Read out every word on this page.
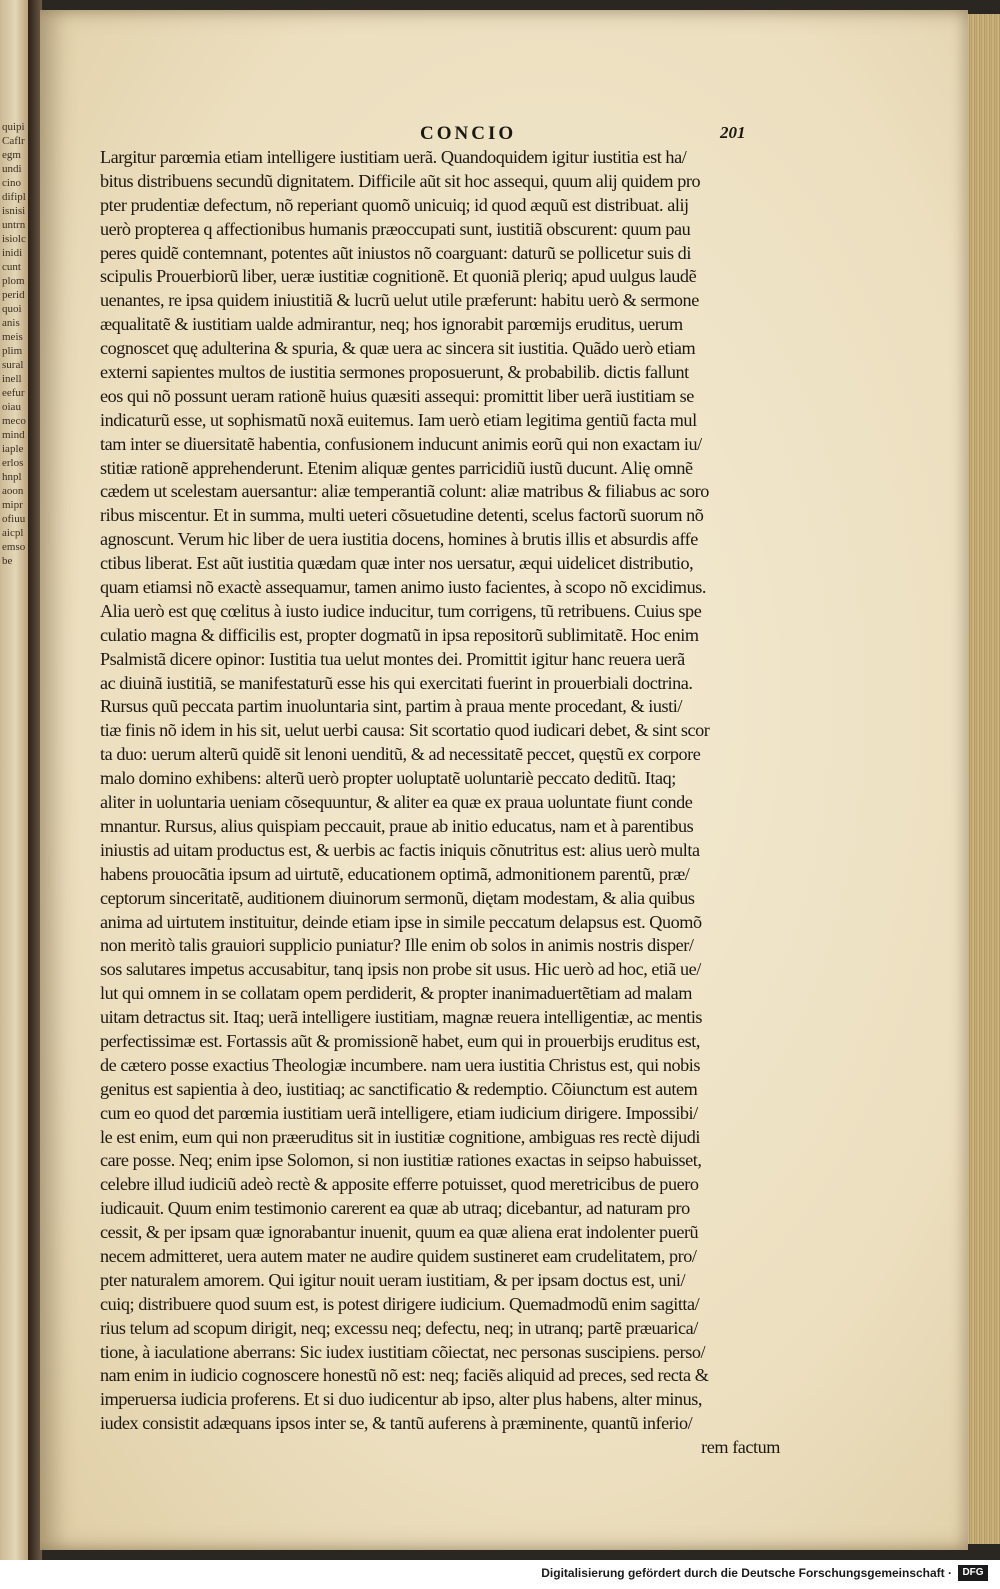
quipiCaflregmundicinodifiplisnisiuntrnisiolcinidicuntplomperidquoianismeisplimsuralinelleefuroiaumecomindiapleerloshnplaoonmiprofiuuaicplemsobe
CONCIO	201
Largitur parœmia etiam intelligere iustitiam uerã. Quandoquidem igitur iustitia est ha/
bitus distribuens secundũ dignitatem. Difficile aũt sit hoc assequi, quum alij quidem pro
pter prudentiæ defectum, nõ reperiant quomõ unicuiq; id quod æquũ est distribuat. alij
uerò propterea q affectionibus humanis præoccupati sunt, iustitiã obscurent: quum pau
peres quidẽ contemnant, potentes aũt iniustos nõ coarguant: daturũ se pollicetur suis di
scipulis Prouerbiorũ liber, ueræ iustitiæ cognitionẽ. Et quoniã pleriq; apud uulgus laudẽ
uenantes, re ipsa quidem iniustitiã & lucrũ uelut utile præferunt: habitu uerò & sermone
æqualitatẽ & iustitiam ualde admirantur, neq; hos ignorabit parœmijs eruditus, uerum
cognoscet quę adulterina & spuria, & quæ uera ac sincera sit iustitia. Quãdo uerò etiam
externi sapientes multos de iustitia sermones proposuerunt, & probabilib. dictis fallunt
eos qui nõ possunt ueram rationẽ huius quæsiti assequi: promittit liber uerã iustitiam se
indicaturũ esse, ut sophismatũ noxã euitemus. Iam uerò etiam legitima gentiũ facta mul
tam inter se diuersitatẽ habentia, confusionem inducunt animis eorũ qui non exactam iu/
stitiæ rationẽ apprehenderunt. Etenim aliquæ gentes parricidiũ iustũ ducunt. Alię omnẽ
cædem ut scelestam auersantur: aliæ temperantiã colunt: aliæ matribus & filiabus ac soro
ribus miscentur. Et in summa, multi ueteri cõsuetudine detenti, scelus factorũ suorum nõ
agnoscunt. Verum hic liber de uera iustitia docens, homines à brutis illis et absurdis affe
ctibus liberat. Est aũt iustitia quædam quæ inter nos uersatur, æqui uidelicet distributio,
quam etiamsi nõ exactè assequamur, tamen animo iusto facientes, à scopo nõ excidimus.
Alia uerò est quę cœlitus à iusto iudice inducitur, tum corrigens, tũ retribuens. Cuius spe
culatio magna & difficilis est, propter dogmatũ in ipsa repositorũ sublimitatẽ. Hoc enim
Psalmistã dicere opinor: Iustitia tua uelut montes dei. Promittit igitur hanc reuera uerã
ac diuinã iustitiã, se manifestaturũ esse his qui exercitati fuerint in prouerbiali doctrina.
Rursus quũ peccata partim inuoluntaria sint, partim à praua mente procedant, & iusti/
tiæ finis nõ idem in his sit, uelut uerbi causa: Sit scortatio quod iudicari debet, & sint scor
ta duo: uerum alterũ quidẽ sit lenoni uenditũ, & ad necessitatẽ peccet, quęstũ ex corpore
malo domino exhibens: alterũ uerò propter uoluptatẽ uoluntariè peccato deditũ. Itaq;
aliter in uoluntaria ueniam cõsequuntur, & aliter ea quæ ex praua uoluntate fiunt conde
mnantur. Rursus, alius quispiam peccauit, praue ab initio educatus, nam et à parentibus
iniustis ad uitam productus est, & uerbis ac factis iniquis cõnutritus est: alius uerò multa
habens prouocãtia ipsum ad uirtutẽ, educationem optimã, admonitionem parentũ, præ/
ceptorum sinceritatẽ, auditionem diuinorum sermonũ, diętam modestam, & alia quibus
anima ad uirtutem instituitur, deinde etiam ipse in simile peccatum delapsus est. Quomõ
non meritò talis grauiori supplicio puniatur? Ille enim ob solos in animis nostris disper/
sos salutares impetus accusabitur, tanq ipsis non probe sit usus. Hic uerò ad hoc, etiã ue/
lut qui omnem in se collatam opem perdiderit, & propter inanimaduertẽtiam ad malam
uitam detractus sit. Itaq; uerã intelligere iustitiam, magnæ reuera intelligentiæ, ac mentis
perfectissimæ est. Fortassis aũt & promissionẽ habet, eum qui in prouerbijs eruditus est,
de cætero posse exactius Theologiæ incumbere. nam uera iustitia Christus est, qui nobis
genitus est sapientia à deo, iustitiaq; ac sanctificatio & redemptio. Cõiunctum est autem
cum eo quod det parœmia iustitiam uerã intelligere, etiam iudicium dirigere. Impossibi/
le est enim, eum qui non præeruditus sit in iustitiæ cognitione, ambiguas res rectè dijudi
care posse. Neq; enim ipse Solomon, si non iustitiæ rationes exactas in seipso habuisset,
celebre illud iudiciũ adeò rectè & apposite efferre potuisset, quod meretricibus de puero
iudicauit. Quum enim testimonio carerent ea quæ ab utraq; dicebantur, ad naturam pro
cessit, & per ipsam quæ ignorabantur inuenit, quum ea quæ aliena erat indolenter puerũ
necem admitteret, uera autem mater ne audire quidem sustineret eam crudelitatem, pro/
pter naturalem amorem. Qui igitur nouit ueram iustitiam, & per ipsam doctus est, uni/
cuiq; distribuere quod suum est, is potest dirigere iudicium. Quemadmodũ enim sagitta/
rius telum ad scopum dirigit, neq; excessu neq; defectu, neq; in utranq; partẽ præuarica/
tione, à iaculatione aberrans: Sic iudex iustitiam cõiectat, nec personas suscipiens. perso/
nam enim in iudicio cognoscere honestũ nõ est: neq; faciẽs aliquid ad preces, sed recta &
imperuersa iudicia proferens. Et si duo iudicentur ab ipso, alter plus habens, alter minus,
iudex consistit adæquans ipsos inter se, & tantũ auferens à præminente, quantũ inferio/
rem factum
Digitalisierung gefördert durch die Deutsche Forschungsgemeinschaft ·	DFG
